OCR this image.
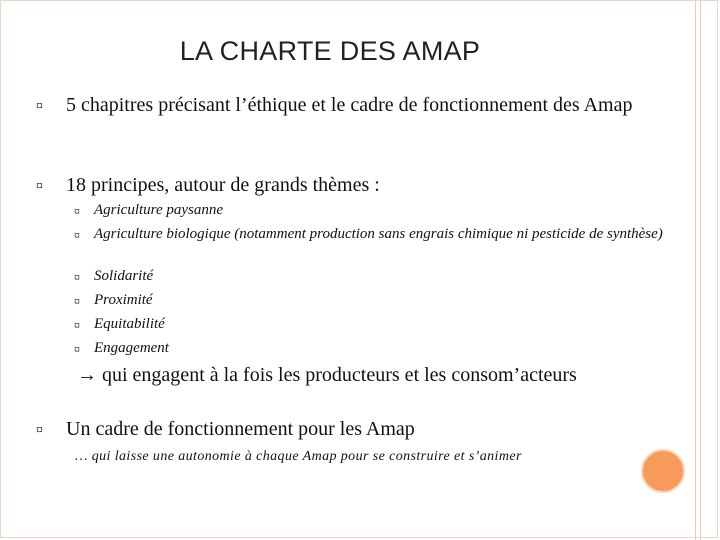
LA CHARTE DES AMAP
¤ 5 chapitres précisant l’éthique et le cadre de fonctionnement des Amap
¤ 18 principes, autour de grands thèmes :
¤ Agriculture paysanne
¤ Agriculture biologique (notamment production sans engrais chimique ni pesticide de synthèse)
¤ Solidarité
¤ Proximité
¤ Equitabilité
¤ Engagement
→ qui engagent à la fois les producteurs et les consom’acteurs
¤ Un cadre de fonctionnement pour les Amap
… qui laisse une autonomie à chaque Amap pour se construire et s’animer
